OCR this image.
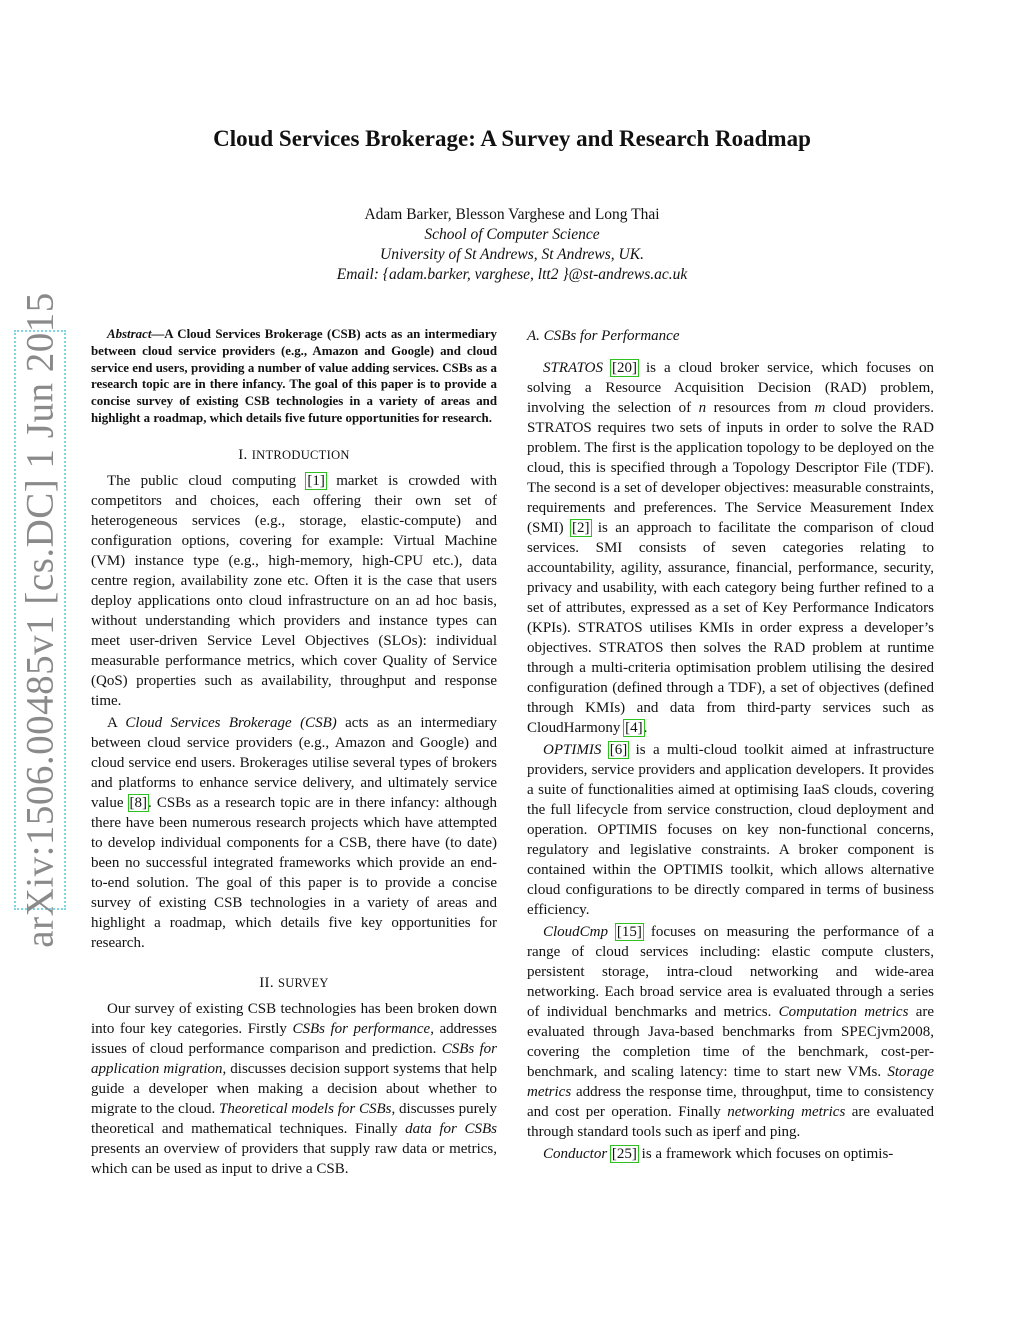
arXiv:1506.00485v1 [cs.DC] 1 Jun 2015
Cloud Services Brokerage: A Survey and Research Roadmap
Adam Barker, Blesson Varghese and Long Thai
School of Computer Science
University of St Andrews, St Andrews, UK.
Email: {adam.barker, varghese, ltt2 }@st-andrews.ac.uk
Abstract—A Cloud Services Brokerage (CSB) acts as an intermediary between cloud service providers (e.g., Amazon and Google) and cloud service end users, providing a number of value adding services. CSBs as a research topic are in there infancy. The goal of this paper is to provide a concise survey of existing CSB technologies in a variety of areas and highlight a roadmap, which details five future opportunities for research.
I. INTRODUCTION

The public cloud computing [1] market is crowded with competitors and choices, each offering their own set of heterogeneous services (e.g., storage, elastic-compute) and configuration options, covering for example: Virtual Machine (VM) instance type (e.g., high-memory, high-CPU etc.), data centre region, availability zone etc. Often it is the case that users deploy applications onto cloud infrastructure on an ad hoc basis, without understanding which providers and instance types can meet user-driven Service Level Objectives (SLOs): individual measurable performance metrics, which cover Quality of Service (QoS) properties such as availability, throughput and response time.

A Cloud Services Brokerage (CSB) acts as an intermediary between cloud service providers (e.g., Amazon and Google) and cloud service end users. Brokerages utilise several types of brokers and platforms to enhance service delivery, and ultimately service value [8]. CSBs as a research topic are in there infancy: although there have been numerous research projects which have attempted to develop individual components for a CSB, there have (to date) been no successful integrated frameworks which provide an end-to-end solution. The goal of this paper is to provide a concise survey of existing CSB technologies in a variety of areas and highlight a roadmap, which details five key opportunities for research.

II. SURVEY

Our survey of existing CSB technologies has been broken down into four key categories. Firstly CSBs for performance, addresses issues of cloud performance comparison and prediction. CSBs for application migration, discusses decision support systems that help guide a developer when making a decision about whether to migrate to the cloud. Theoretical models for CSBs, discusses purely theoretical and mathematical techniques. Finally data for CSBs presents an overview of providers that supply raw data or metrics, which can be used as input to drive a CSB.

A. CSBs for Performance

STRATOS [20] is a cloud broker service, which focuses on solving a Resource Acquisition Decision (RAD) problem, involving the selection of n resources from m cloud providers. STRATOS requires two sets of inputs in order to solve the RAD problem. The first is the application topology to be deployed on the cloud, this is specified through a Topology Descriptor File (TDF). The second is a set of developer objectives: measurable constraints, requirements and preferences. The Service Measurement Index (SMI) [2] is an approach to facilitate the comparison of cloud services. SMI consists of seven categories relating to accountability, agility, assurance, financial, performance, security, privacy and usability, with each category being further refined to a set of attributes, expressed as a set of Key Performance Indicators (KPIs). STRATOS utilises KMIs in order express a developer’s objectives. STRATOS then solves the RAD problem at runtime through a multi-criteria optimisation problem utilising the desired configuration (defined through a TDF), a set of objectives (defined through KMIs) and data from third-party services such as CloudHarmony [4].

OPTIMIS [6] is a multi-cloud toolkit aimed at infrastructure providers, service providers and application developers. It provides a suite of functionalities aimed at optimising IaaS clouds, covering the full lifecycle from service construction, cloud deployment and operation. OPTIMIS focuses on key non-functional concerns, regulatory and legislative constraints. A broker component is contained within the OPTIMIS toolkit, which allows alternative cloud configurations to be directly compared in terms of business efficiency.

CloudCmp [15] focuses on measuring the performance of a range of cloud services including: elastic compute clusters, persistent storage, intra-cloud networking and wide-area networking. Each broad service area is evaluated through a series of individual benchmarks and metrics. Computation metrics are evaluated through Java-based benchmarks from SPECjvm2008, covering the completion time of the benchmark, cost-per-benchmark, and scaling latency: time to start new VMs. Storage metrics address the response time, throughput, time to consistency and cost per operation. Finally networking metrics are evaluated through standard tools such as iperf and ping.

Conductor [25] is a framework which focuses on optimis-
